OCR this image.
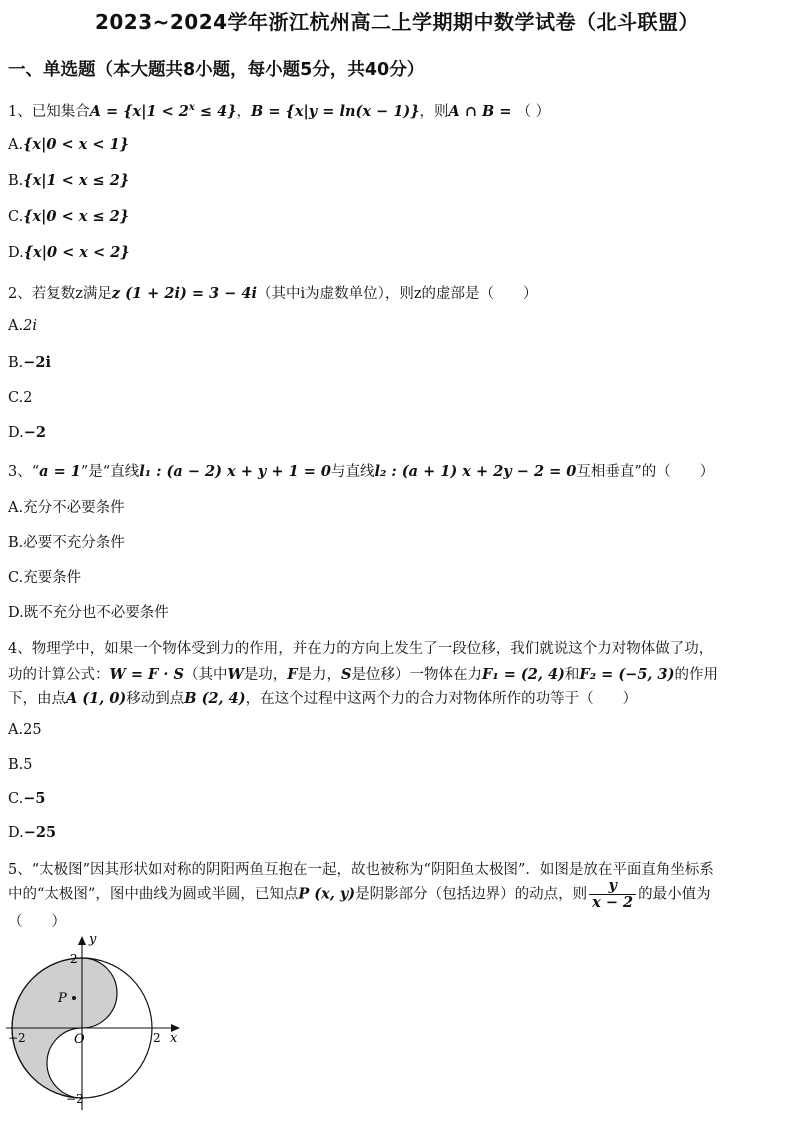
2023~2024学年浙江杭州高二上学期期中数学试卷（北斗联盟）
一、单选题（本大题共8小题，每小题5分，共40分）
1、已知集合$A = \{x|1 < 2^x \le 4\}$，B = {x|y = ln(x − 1)}，则A ∩ B = （ ）
A.{x|0 < x < 1}
B.{x|1 < x ≤ 2}
C.{x|0 < x ≤ 2}
D.{x|0 < x < 2}
2、若复数z满足z (1 + 2i) = 3 − 4i（其中i为虚数单位），则z的虚部是（　　）
A.2i
B.−2i
C.2
D.−2
3、“a = 1”是“直线l₁ : (a − 2) x + y + 1 = 0与直线l₂ : (a + 1) x + 2y − 2 = 0互相垂直”的（　　）
A.充分不必要条件
B.必要不充分条件
C.充要条件
D.既不充分也不必要条件
4、物理学中，如果一个物体受到力的作用，并在力的方向上发生了一段位移，我们就说这个力对物体做了功，
功的计算公式：W = F · S（其中W是功，F是力，S是位移）一物体在力F₁ = (2, 4)和F₂ = (−5, 3)的作用
下，由点A (1, 0)移动到点B (2, 4)，在这个过程中这两个力的合力对物体所作的功等于（　　）
A.25
B.5
C.−5
D.−25
5、“太极图”因其形状如对称的阴阳两鱼互抱在一起，故也被称为“阴阳鱼太极图”．如图是放在平面直角坐标系
中的“太极图”，图中曲线为圆或半圆，已知点P (x, y)是阴影部分（包括边界）的动点，则 $\frac{y}{x - 2}$ 的最小值为
（　　）
y
x
O
P
2
−2
2
−2
